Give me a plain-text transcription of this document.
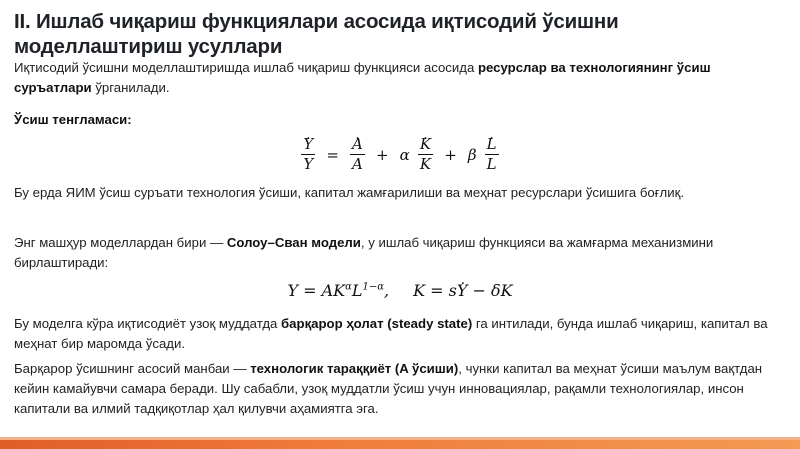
II. Ишлаб чиқариш функциялари асосида иқтисодий ўсишни моделлаштириш усуллари
Иқтисодий ўсишни моделлаштиришда ишлаб чиқариш функцияси асосида ресурслар ва технологиянинг ўсиш суръатлари ўрганилади.
Ўсиш тенгламаси:
. $\frac{Y}{Y}$ = . $\frac{A}{A} + \alpha$ . $\frac{K}{K} + \beta$ . $\frac{L}{L}$
Бу ерда ЯИМ ўсиш суръати технология ўсиши, капитал жамғарилиши ва меҳнат ресурслари ўсишига боғлиқ.
Энг машҳур моделлардан бири — Солоу–Сван модели, у ишлаб чиқариш функцияси ва жамғарма механизмини бирлаштиради:
$Y = AK^\alpha L^{1-\alpha}$, . K = sY − δK
Бу моделга кўра иқтисодиёт узоқ муддатда барқарор ҳолат (steady state) га интилади, бунда ишлаб чиқариш, капитал ва меҳнат бир маромда ўсади.
Барқарор ўсишнинг асосий манбаи — технологик тараққиёт (A ўсиши), чунки капитал ва меҳнат ўсиши маълум вақтдан кейин камайувчи самара беради. Шу сабабли, узоқ муддатли ўсиш учун инновациялар, рақамли технологиялар, инсон капитали ва илмий тадқиқотлар ҳал қилувчи аҳамиятга эга.
